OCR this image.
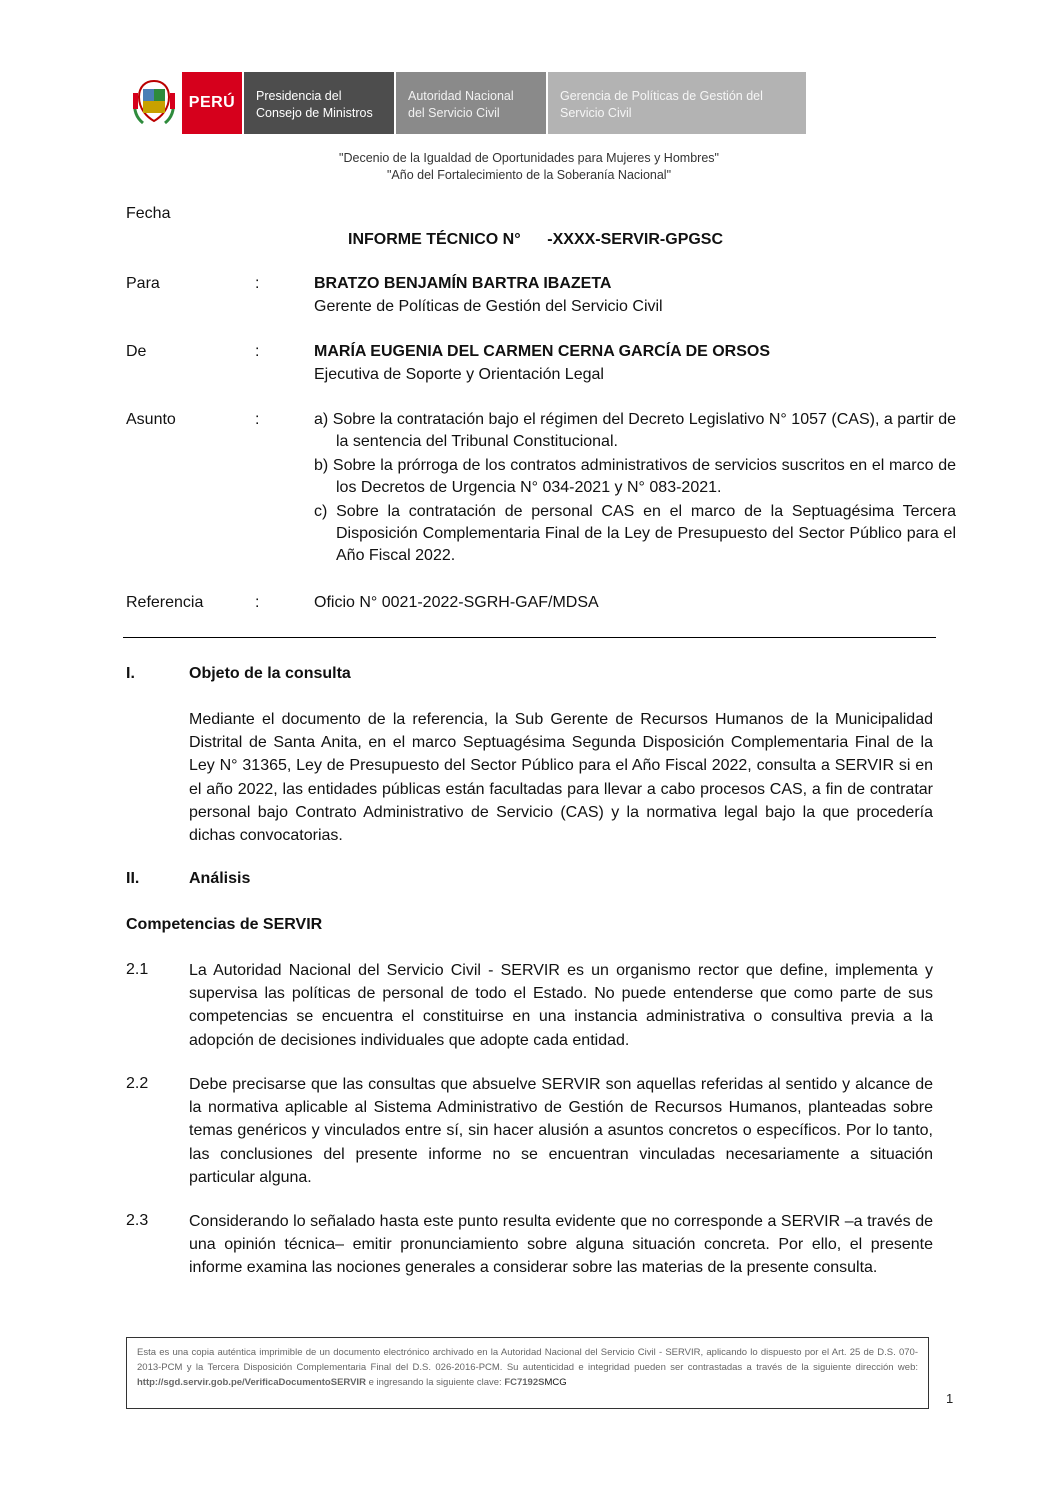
PERÚ	Presidencia del
Consejo de Ministros
Autoridad Nacional
del Servicio Civil
Gerencia de Políticas de Gestión del
Servicio Civil
"Decenio de la Igualdad de Oportunidades para Mujeres y Hombres"
"Año del Fortalecimiento de la Soberanía Nacional"
Fecha
INFORME TÉCNICO N°      -XXXX-SERVIR-GPGSC
Para	:	BRATZO BENJAMÍN BARTRA IBAZETA
Gerente de Políticas de Gestión del Servicio Civil
De	:	MARÍA EUGENIA DEL CARMEN CERNA GARCÍA DE ORSOS
Ejecutiva de Soporte y Orientación Legal
Asunto	:	a) Sobre la contratación bajo el régimen del Decreto Legislativo N° 1057 (CAS), a partir de la sentencia del Tribunal Constitucional.
b) Sobre la prórroga de los contratos administrativos de servicios suscritos en el marco de los Decretos de Urgencia N° 034-2021 y N° 083-2021.
c) Sobre la contratación de personal CAS en el marco de la Septuagésima Tercera Disposición Complementaria Final de la Ley de Presupuesto del Sector Público para el Año Fiscal 2022.
Referencia	:	Oficio N° 0021-2022-SGRH-GAF/MDSA
I.	Objeto de la consulta
Mediante el documento de la referencia, la Sub Gerente de Recursos Humanos de la Municipalidad Distrital de Santa Anita, en el marco Septuagésima Segunda Disposición Complementaria Final de la Ley N° 31365, Ley de Presupuesto del Sector Público para el Año Fiscal 2022, consulta a SERVIR si en el año 2022, las entidades públicas están facultadas para llevar a cabo procesos CAS, a fin de contratar personal bajo Contrato Administrativo de Servicio (CAS) y la normativa legal bajo la que procedería dichas convocatorias.
II.	Análisis
Competencias de SERVIR
2.1	La Autoridad Nacional del Servicio Civil - SERVIR es un organismo rector que define, implementa y supervisa las políticas de personal de todo el Estado. No puede entenderse que como parte de sus competencias se encuentra el constituirse en una instancia administrativa o consultiva previa a la adopción de decisiones individuales que adopte cada entidad.
2.2	Debe precisarse que las consultas que absuelve SERVIR son aquellas referidas al sentido y alcance de la normativa aplicable al Sistema Administrativo de Gestión de Recursos Humanos, planteadas sobre temas genéricos y vinculados entre sí, sin hacer alusión a asuntos concretos o específicos. Por lo tanto, las conclusiones del presente informe no se encuentran vinculadas necesariamente a situación particular alguna.
2.3	Considerando lo señalado hasta este punto resulta evidente que no corresponde a SERVIR –a través de una opinión técnica– emitir pronunciamiento sobre alguna situación concreta. Por ello, el presente informe examina las nociones generales a considerar sobre las materias de la presente consulta.
Esta es una copia auténtica imprimible de un documento electrónico archivado en la Autoridad Nacional del Servicio Civil - SERVIR, aplicando lo dispuesto por el Art. 25 de D.S. 070-2013-PCM y la Tercera Disposición Complementaria Final del D.S. 026-2016-PCM. Su autenticidad e integridad pueden ser contrastadas a través de la siguiente dirección web: http://sgd.servir.gob.pe/VerificaDocumentoSERVIR e ingresando la siguiente clave: FC7192SMCG
1
